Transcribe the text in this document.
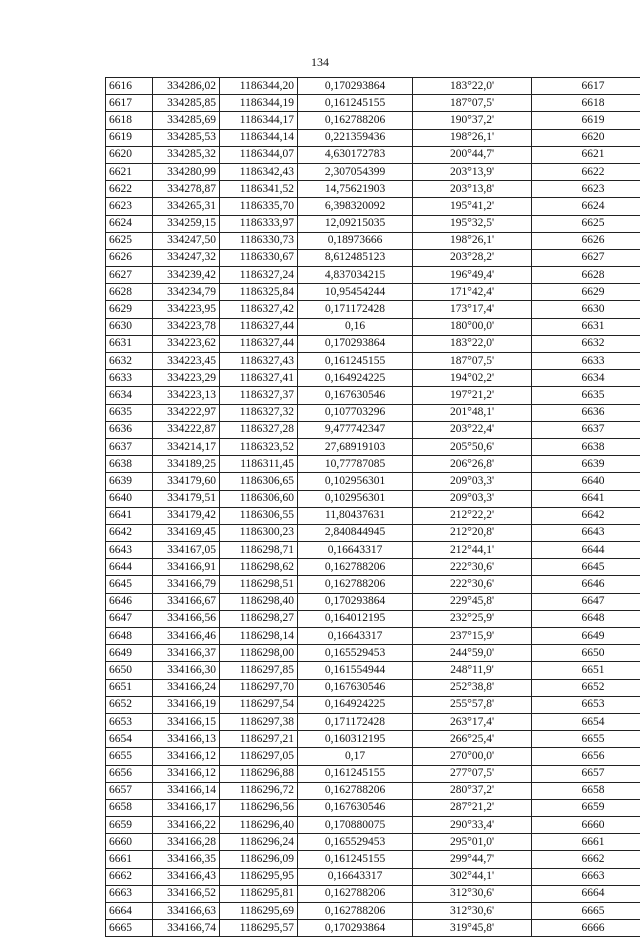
134
6616	334286,02	1186344,20	0,170293864	183°22,0'	6617
6617	334285,85	1186344,19	0,161245155	187°07,5'	6618
6618	334285,69	1186344,17	0,162788206	190°37,2'	6619
6619	334285,53	1186344,14	0,221359436	198°26,1'	6620
6620	334285,32	1186344,07	4,630172783	200°44,7'	6621
6621	334280,99	1186342,43	2,307054399	203°13,9'	6622
6622	334278,87	1186341,52	14,75621903	203°13,8'	6623
6623	334265,31	1186335,70	6,398320092	195°41,2'	6624
6624	334259,15	1186333,97	12,09215035	195°32,5'	6625
6625	334247,50	1186330,73	0,18973666	198°26,1'	6626
6626	334247,32	1186330,67	8,612485123	203°28,2'	6627
6627	334239,42	1186327,24	4,837034215	196°49,4'	6628
6628	334234,79	1186325,84	10,95454244	171°42,4'	6629
6629	334223,95	1186327,42	0,171172428	173°17,4'	6630
6630	334223,78	1186327,44	0,16	180°00,0'	6631
6631	334223,62	1186327,44	0,170293864	183°22,0'	6632
6632	334223,45	1186327,43	0,161245155	187°07,5'	6633
6633	334223,29	1186327,41	0,164924225	194°02,2'	6634
6634	334223,13	1186327,37	0,167630546	197°21,2'	6635
6635	334222,97	1186327,32	0,107703296	201°48,1'	6636
6636	334222,87	1186327,28	9,477742347	203°22,4'	6637
6637	334214,17	1186323,52	27,68919103	205°50,6'	6638
6638	334189,25	1186311,45	10,77787085	206°26,8'	6639
6639	334179,60	1186306,65	0,102956301	209°03,3'	6640
6640	334179,51	1186306,60	0,102956301	209°03,3'	6641
6641	334179,42	1186306,55	11,80437631	212°22,2'	6642
6642	334169,45	1186300,23	2,840844945	212°20,8'	6643
6643	334167,05	1186298,71	0,16643317	212°44,1'	6644
6644	334166,91	1186298,62	0,162788206	222°30,6'	6645
6645	334166,79	1186298,51	0,162788206	222°30,6'	6646
6646	334166,67	1186298,40	0,170293864	229°45,8'	6647
6647	334166,56	1186298,27	0,164012195	232°25,9'	6648
6648	334166,46	1186298,14	0,16643317	237°15,9'	6649
6649	334166,37	1186298,00	0,165529453	244°59,0'	6650
6650	334166,30	1186297,85	0,161554944	248°11,9'	6651
6651	334166,24	1186297,70	0,167630546	252°38,8'	6652
6652	334166,19	1186297,54	0,164924225	255°57,8'	6653
6653	334166,15	1186297,38	0,171172428	263°17,4'	6654
6654	334166,13	1186297,21	0,160312195	266°25,4'	6655
6655	334166,12	1186297,05	0,17	270°00,0'	6656
6656	334166,12	1186296,88	0,161245155	277°07,5'	6657
6657	334166,14	1186296,72	0,162788206	280°37,2'	6658
6658	334166,17	1186296,56	0,167630546	287°21,2'	6659
6659	334166,22	1186296,40	0,170880075	290°33,4'	6660
6660	334166,28	1186296,24	0,165529453	295°01,0'	6661
6661	334166,35	1186296,09	0,161245155	299°44,7'	6662
6662	334166,43	1186295,95	0,16643317	302°44,1'	6663
6663	334166,52	1186295,81	0,162788206	312°30,6'	6664
6664	334166,63	1186295,69	0,162788206	312°30,6'	6665
6665	334166,74	1186295,57	0,170293864	319°45,8'	6666
